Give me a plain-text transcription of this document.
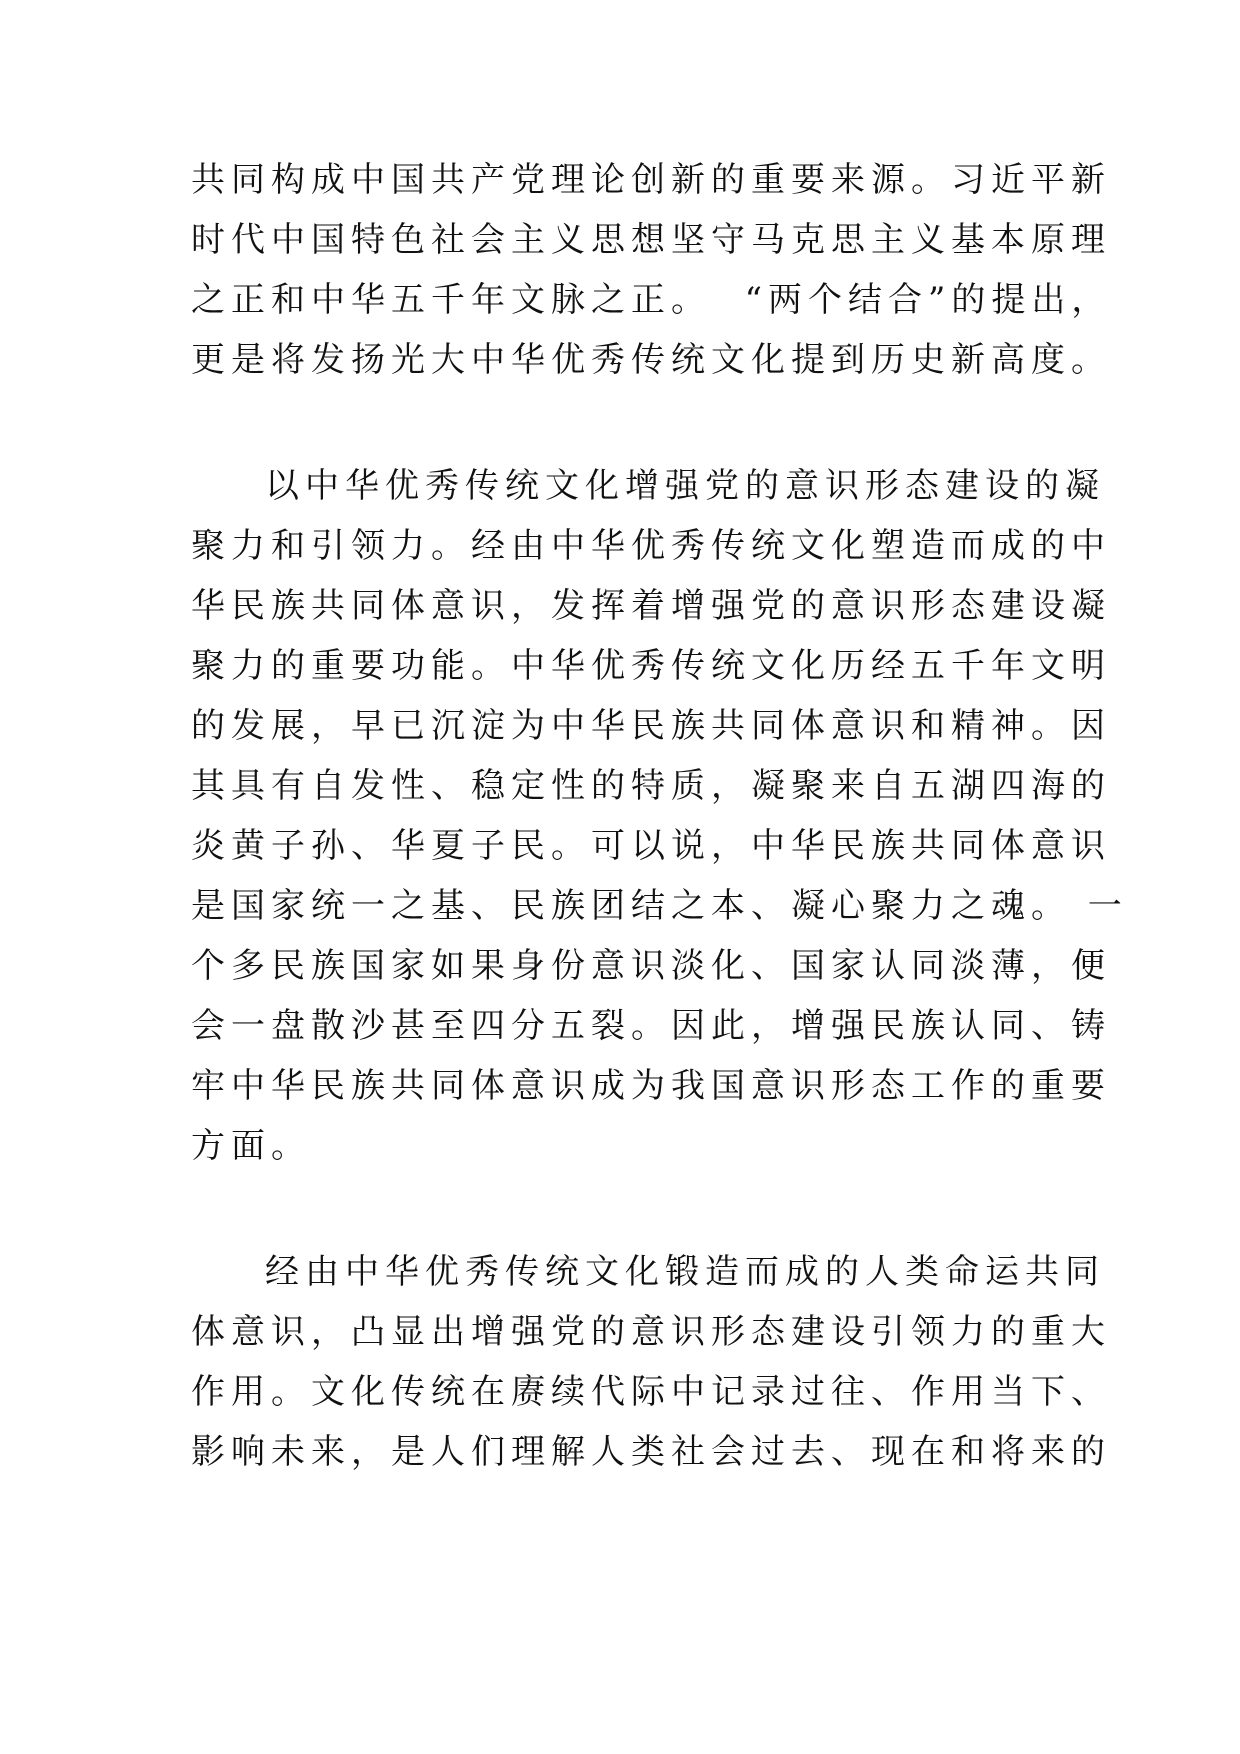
共同构成中国共产党理论创新的重要来源。习近平新
时代中国特色社会主义思想坚守马克思主义基本原理
之正和中华五千年文脉之正。  “两个结合”的提出，
更是将发扬光大中华优秀传统文化提到历史新高度。
以中华优秀传统文化增强党的意识形态建设的凝
聚力和引领力。经由中华优秀传统文化塑造而成的中
华民族共同体意识，发挥着增强党的意识形态建设凝
聚力的重要功能。中华优秀传统文化历经五千年文明
的发展，早已沉淀为中华民族共同体意识和精神。因
其具有自发性、稳定性的特质，凝聚来自五湖四海的
炎黄子孙、华夏子民。可以说，中华民族共同体意识
是国家统一之基、民族团结之本、凝心聚力之魂。 一
个多民族国家如果身份意识淡化、国家认同淡薄，便
会一盘散沙甚至四分五裂。因此，增强民族认同、铸
牢中华民族共同体意识成为我国意识形态工作的重要
方面。
经由中华优秀传统文化锻造而成的人类命运共同
体意识，凸显出增强党的意识形态建设引领力的重大
作用。文化传统在赓续代际中记录过往、作用当下、
影响未来，是人们理解人类社会过去、现在和将来的
